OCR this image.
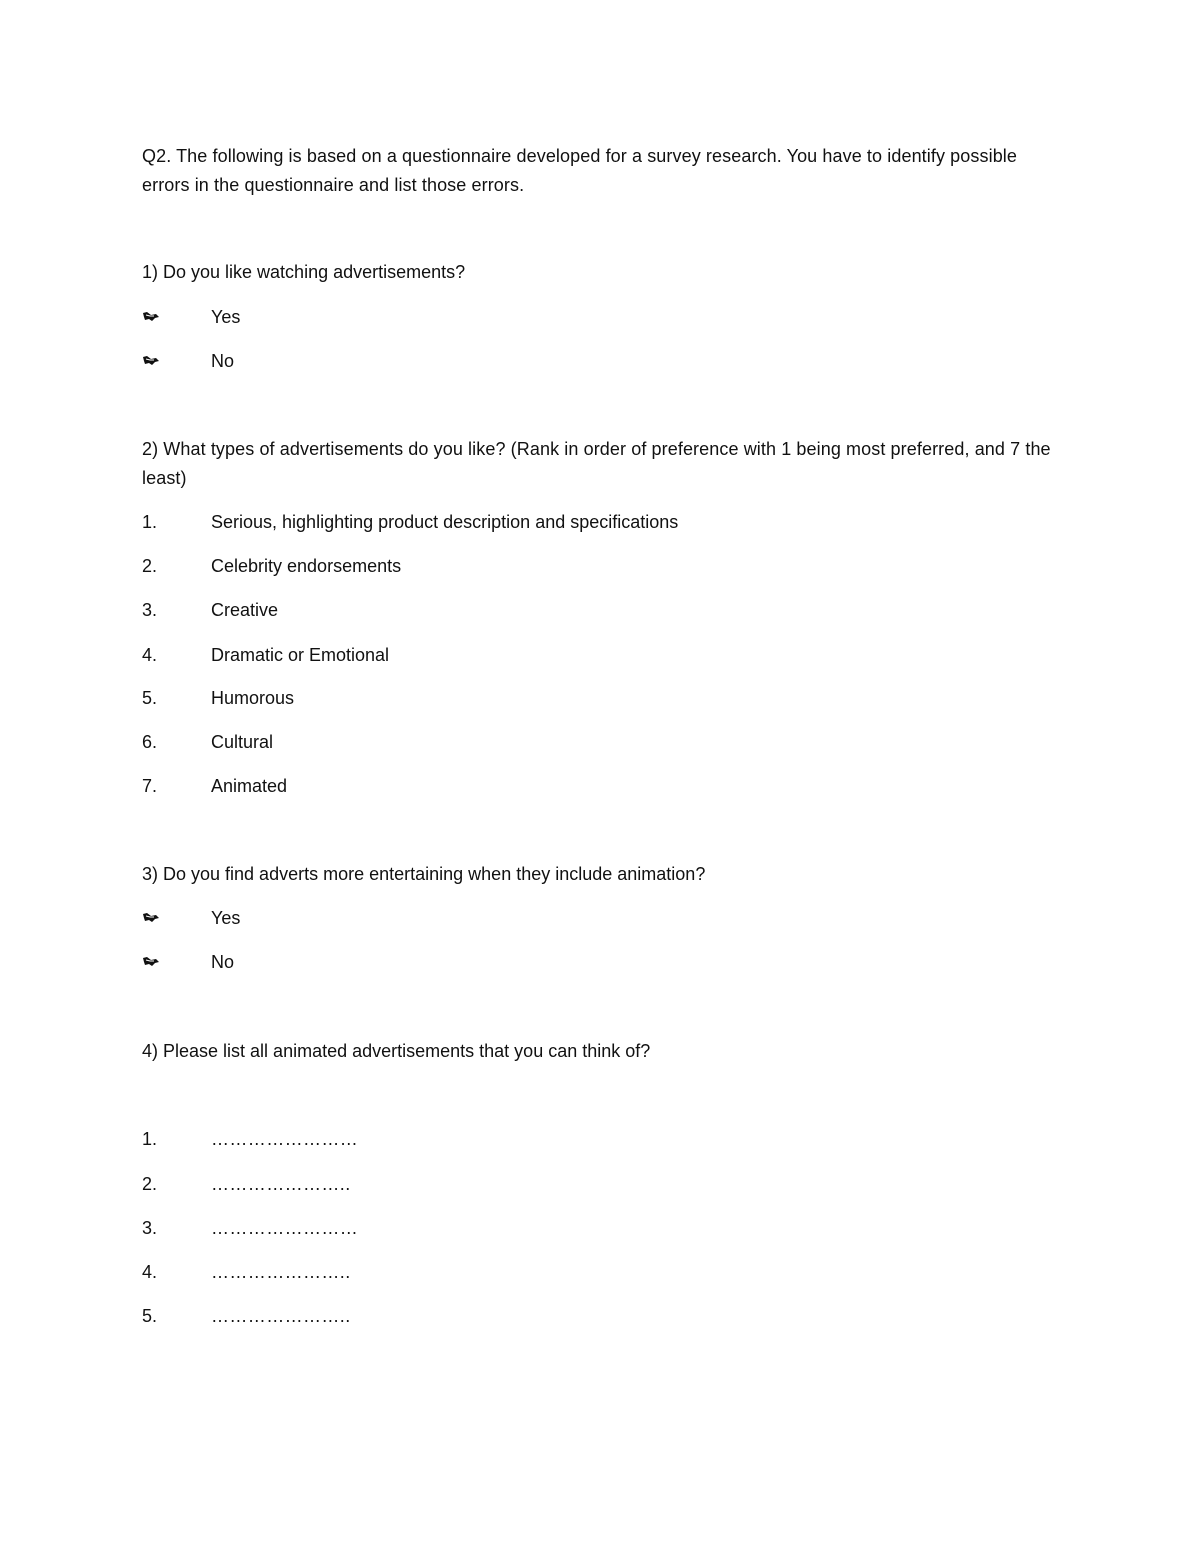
Q2. The following is based on a questionnaire developed for a survey research. You have to identify possible errors in the questionnaire and list those errors.
1) Do you like watching advertisements?
Yes
No
2) What types of advertisements do you like? (Rank in order of preference with 1 being most preferred, and 7 the least)
1.	Serious, highlighting product description and specifications
2.	Celebrity endorsements
3.	Creative
4.	Dramatic or Emotional
5.	Humorous
6.	Cultural
7.	Animated
3) Do you find adverts more entertaining when they include animation?
Yes
No
4) Please list all animated advertisements that you can think of?
1.	……………………
2.	…………………..
3.	……………………
4.	…………………..
5.	…………………..
